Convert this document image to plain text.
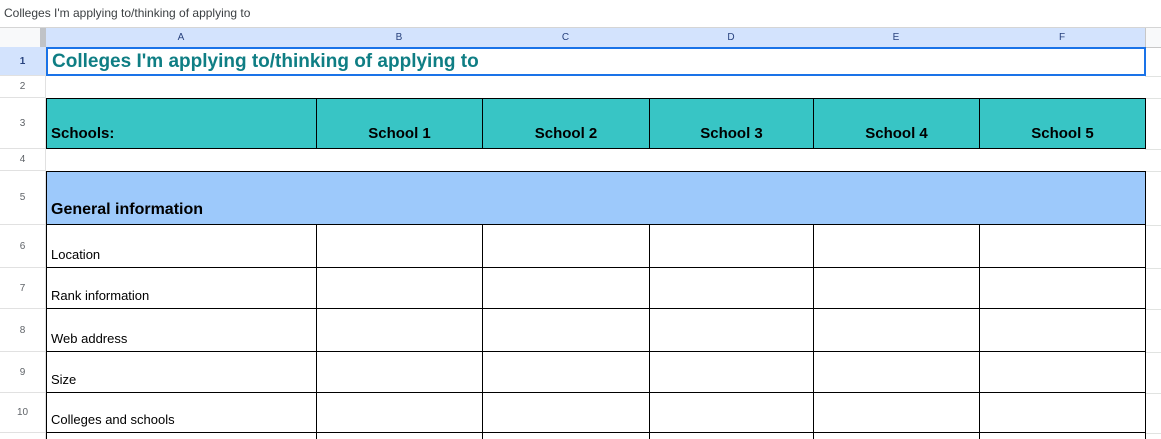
Colleges I'm applying to/thinking of applying to
A	B	C	D	E	F
1
2
3
4
5
6
7
8
9
10
Colleges I'm applying to/thinking of applying to
Schools:	School 1	School 2	School 3	School 4	School 5
General information
Location
Rank information
Web address
Size
Colleges and schools
